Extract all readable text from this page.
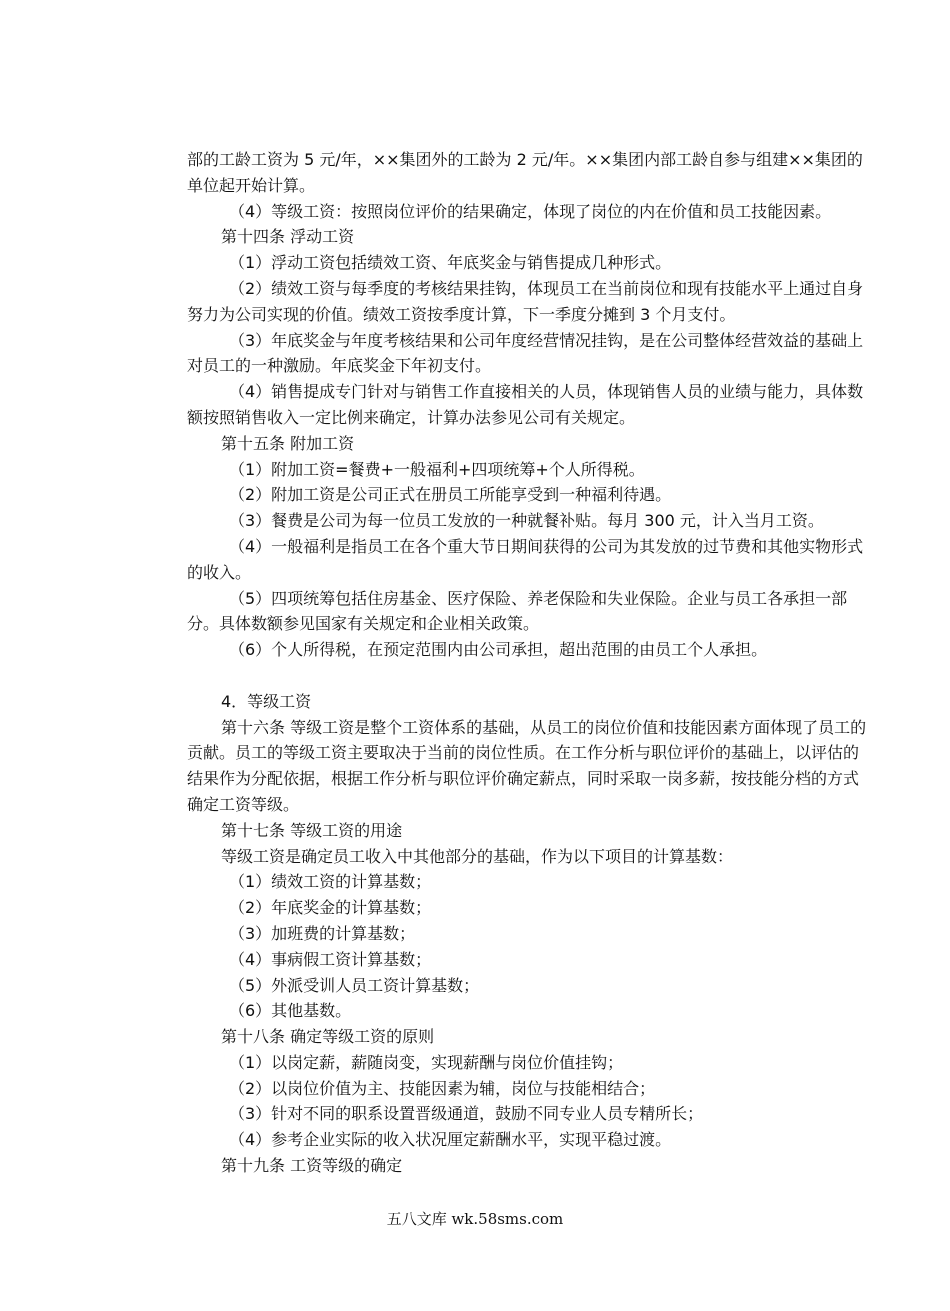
部的工龄工资为 5 元/年，××集团外的工龄为 2 元/年。××集团内部工龄自参与组建××集团的单位起开始计算。

（4）等级工资：按照岗位评价的结果确定，体现了岗位的内在价值和员工技能因素。

第十四条 浮动工资

（1）浮动工资包括绩效工资、年底奖金与销售提成几种形式。

（2）绩效工资与每季度的考核结果挂钩，体现员工在当前岗位和现有技能水平上通过自身努力为公司实现的价值。绩效工资按季度计算，下一季度分摊到 3 个月支付。

（3）年底奖金与年度考核结果和公司年度经营情况挂钩，是在公司整体经营效益的基础上对员工的一种激励。年底奖金下年初支付。

（4）销售提成专门针对与销售工作直接相关的人员，体现销售人员的业绩与能力，具体数额按照销售收入一定比例来确定，计算办法参见公司有关规定。

第十五条 附加工资

（1）附加工资=餐费+一般福利+四项统筹+个人所得税。

（2）附加工资是公司正式在册员工所能享受到一种福利待遇。

（3）餐费是公司为每一位员工发放的一种就餐补贴。每月 300 元，计入当月工资。

（4）一般福利是指员工在各个重大节日期间获得的公司为其发放的过节费和其他实物形式的收入。

（5）四项统筹包括住房基金、医疗保险、养老保险和失业保险。企业与员工各承担一部分。具体数额参见国家有关规定和企业相关政策。

（6）个人所得税，在预定范围内由公司承担，超出范围的由员工个人承担。

4．等级工资

第十六条 等级工资是整个工资体系的基础，从员工的岗位价值和技能因素方面体现了员工的贡献。员工的等级工资主要取决于当前的岗位性质。在工作分析与职位评价的基础上，以评估的结果作为分配依据，根据工作分析与职位评价确定薪点，同时采取一岗多薪，按技能分档的方式确定工资等级。

第十七条 等级工资的用途

等级工资是确定员工收入中其他部分的基础，作为以下项目的计算基数：

（1）绩效工资的计算基数；

（2）年底奖金的计算基数；

（3）加班费的计算基数；

（4）事病假工资计算基数；

（5）外派受训人员工资计算基数；

（6）其他基数。

第十八条 确定等级工资的原则

（1）以岗定薪，薪随岗变，实现薪酬与岗位价值挂钩；

（2）以岗位价值为主、技能因素为辅，岗位与技能相结合；

（3）针对不同的职系设置晋级通道，鼓励不同专业人员专精所长；

（4）参考企业实际的收入状况厘定薪酬水平，实现平稳过渡。

第十九条 工资等级的确定

五八文库 wk.58sms.com
